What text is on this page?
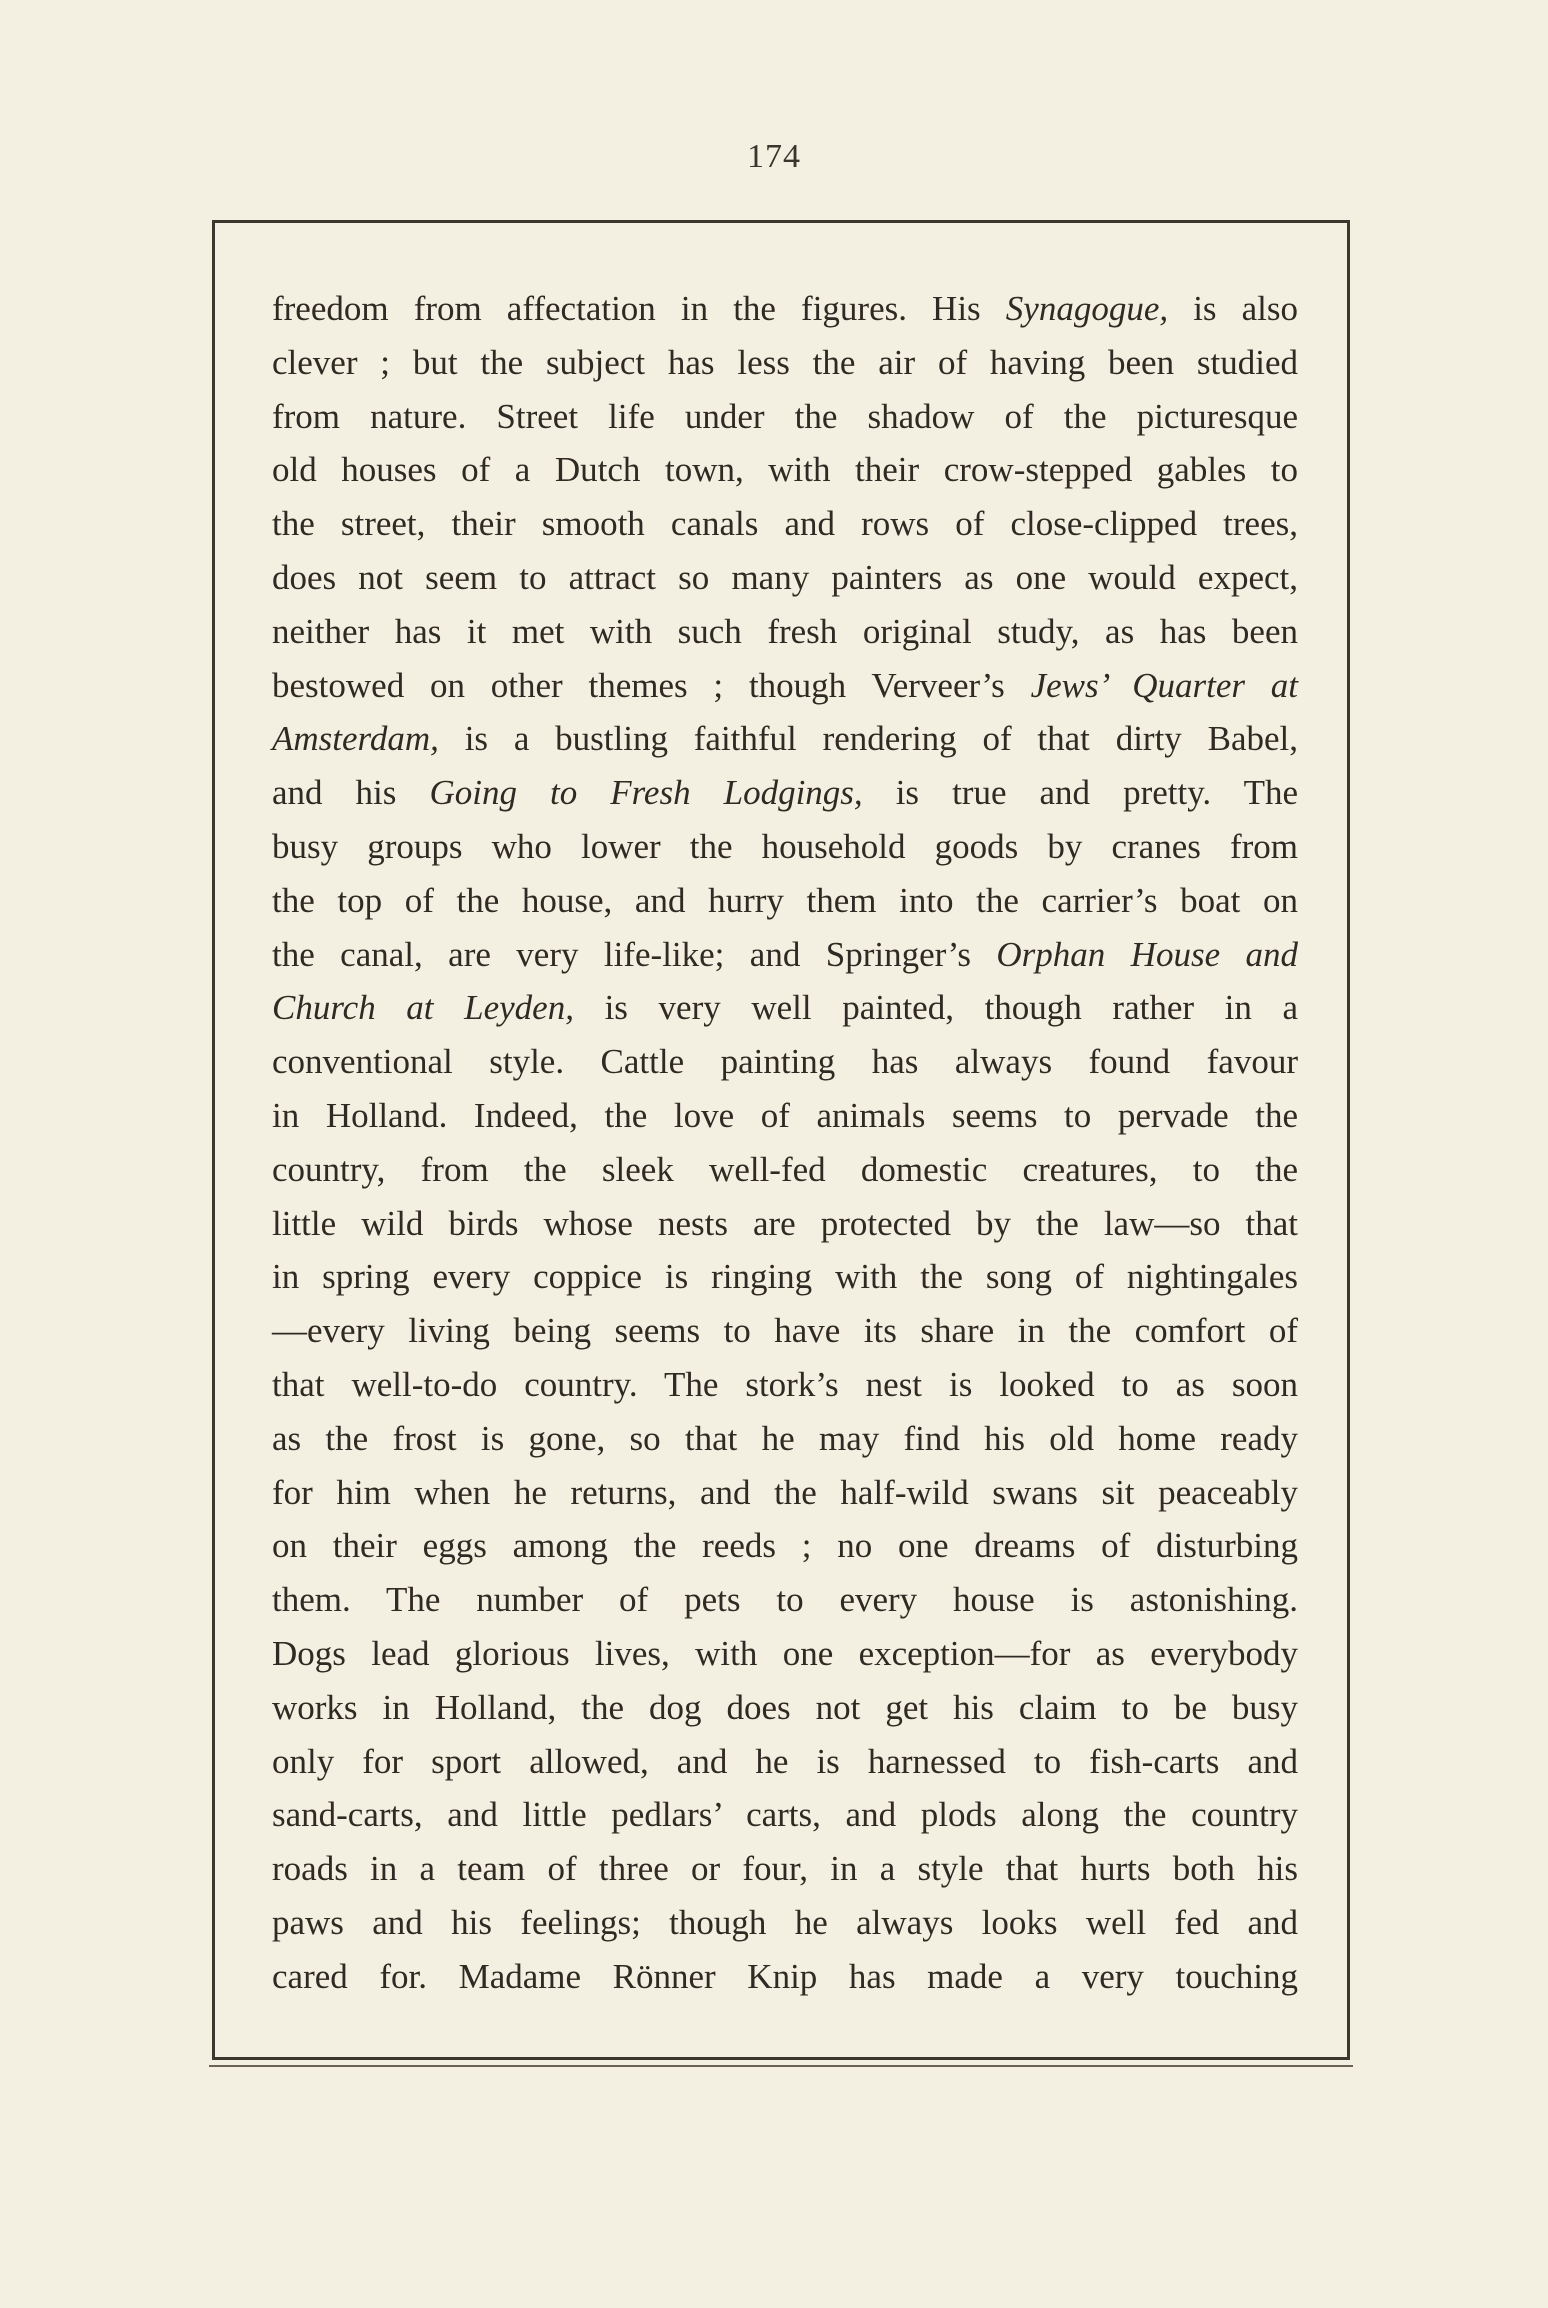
174
freedom from affectation in the figures. His Synagogue, is also
clever ; but the subject has less the air of having been studied
from nature. Street life under the shadow of the picturesque
old houses of a Dutch town, with their crow-stepped gables to
the street, their smooth canals and rows of close-clipped trees,
does not seem to attract so many painters as one would expect,
neither has it met with such fresh original study, as has been
bestowed on other themes ; though Verveer’s Jews’ Quarter at
Amsterdam, is a bustling faithful rendering of that dirty Babel,
and his Going to Fresh Lodgings, is true and pretty. The
busy groups who lower the household goods by cranes from
the top of the house, and hurry them into the carrier’s boat on
the canal, are very life-like; and Springer’s Orphan House and
Church at Leyden, is very well painted, though rather in a
conventional style. Cattle painting has always found favour
in Holland. Indeed, the love of animals seems to pervade the
country, from the sleek well-fed domestic creatures, to the
little wild birds whose nests are protected by the law—so that
in spring every coppice is ringing with the song of nightingales
—every living being seems to have its share in the comfort of
that well-to-do country. The stork’s nest is looked to as soon
as the frost is gone, so that he may find his old home ready
for him when he returns, and the half-wild swans sit peaceably
on their eggs among the reeds ; no one dreams of disturbing
them. The number of pets to every house is astonishing.
Dogs lead glorious lives, with one exception—for as everybody
works in Holland, the dog does not get his claim to be busy
only for sport allowed, and he is harnessed to fish-carts and
sand-carts, and little pedlars’ carts, and plods along the country
roads in a team of three or four, in a style that hurts both his
paws and his feelings; though he always looks well fed and
cared for. Madame Rönner Knip has made a very touching
